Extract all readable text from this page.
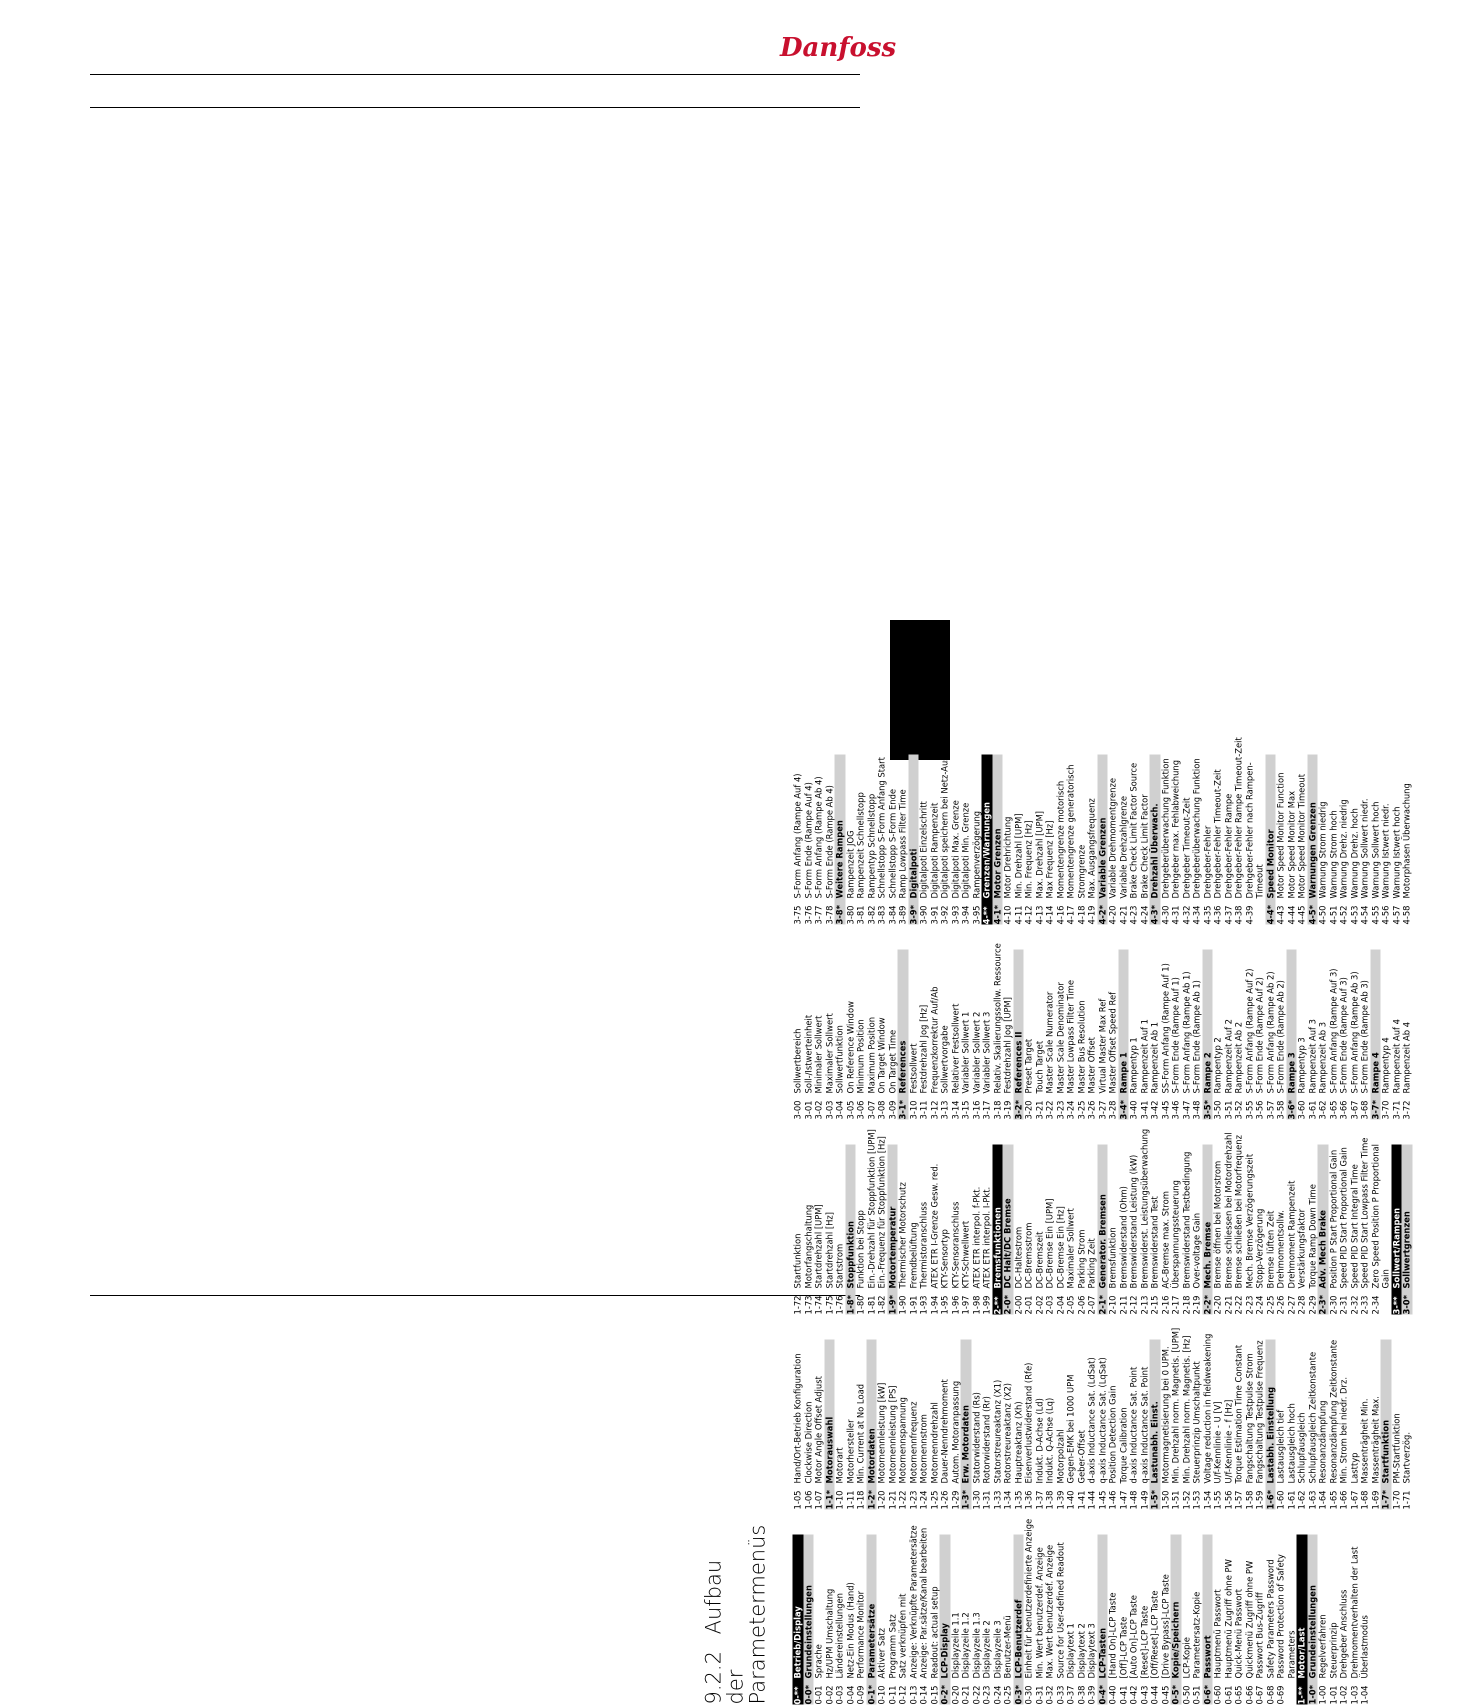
Danfoss
9.2.2 Aufbau der Parametermenüs	0-**
Betrieb/Display
0-0*
Grundeinstellungen
0-01
Sprache
0-02
Hz/UPM Umschaltung
0-03
Ländereinstellungen
0-04
Netz-Ein Modus (Hand)
0-09
Performance Monitor
0-1*
Parametersätze
0-10
Aktiver Satz
0-11
Programm Satz
0-12
Satz verknüpfen mit
0-13
Anzeige: Verknüpfte Parametersätze
0-14
Anzeige: Par.sätze/Kanal bearbeiten
0-15
Readout: actual setup
0-2*
LCP-Display
0-20
Displayzeile 1.1
0-21
Displayzeile 1.2
0-22
Displayzeile 1.3
0-23
Displayzeile 2
0-24
Displayzeile 3
0-25
Benutzer-Menü
0-3*
LCP-Benutzerdef
0-30
Einheit für benutzerdefinierte Anzeige
0-31
Min. Wert benutzerdef. Anzeige
0-32
Max. Wert benutzerdef. Anzeige
0-33
Source for User-defined Readout
0-37
Displaytext 1
0-38
Displaytext 2
0-39
Displaytext 3
0-4*
LCP-Tasten
0-40
[Hand On]-LCP Taste
0-41
[Off]-LCP Taste
0-42
[Auto On]-LCP Taste
0-43
[Reset]-LCP Taste
0-44
[Off/Reset]-LCP Taste
0-45
[Drive Bypass]-LCP Taste
0-5*
Kopie/Speichern
0-50
LCP-Kopie
0-51
Parametersatz-Kopie
0-6*
Passwort
0-60
Hauptmenü Passwort
0-61
Hauptmenü Zugriff ohne PW
0-65
Quick-Menü Passwort
0-66
Quickmenü Zugriff ohne PW
0-67
Passwort Bus-Zugriff
0-68
Safety Parameters Password
0-69
Password Protection of Safety Parameters
1-**
Motor/Last
1-0*
Grundeinstellungen
1-00
Regelverfahren
1-01
Steuerprinzip
1-02
Drehgeber Anschluss
1-03
Drehmomentverhalten der Last
1-04
Überlastmodus
1-05
Hand/Ort-Betrieb Konfiguration
1-06
Clockwise Direction
1-07
Motor Angle Offset Adjust
1-1*
Motorauswahl
1-10
Motorart
1-11
Motorhersteller
1-18
Min. Current at No Load
1-2*
Motordaten
1-20
Motornennleistung [kW]
1-21
Motornennleistung [PS]
1-22
Motornennspannung
1-23
Motornennfrequenz
1-24
Motornennstrom
1-25
Motornenndrehzahl
1-26
Dauer-Nenndrehmoment
1-29
Autom. Motoranpassung
1-3*
Erw. Motordaten
1-30
Statorwiderstand (Rs)
1-31
Rotorwiderstand (Rr)
1-33
Statorstreureaktanz (X1)
1-34
Rotorstreureaktanz (X2)
1-35
Hauptreaktanz (Xh)
1-36
Eisenverlustwiderstand (Rfe)
1-37
Indukt. D-Achse (Ld)
1-38
Indukt. Q-Achse (Lq)
1-39
Motorpolzahl
1-40
Gegen-EMK bei 1000 UPM
1-41
Geber-Offset
1-44
d-axis Inductance Sat. (LdSat)
1-45
q-axis Inductance Sat. (LqSat)
1-46
Position Detection Gain
1-47
Torque Calibration
1-48
d-axis Inductance Sat. Point
1-49
q-axis Inductance Sat. Point
1-5*
Lastunabh. Einst.
1-50
Motormagnetisierung bei 0 UPM.
1-51
Min. Drehzahl norm. Magnetis. [UPM]
1-52
Min. Drehzahl norm. Magnetis. [Hz]
1-53
Steuerprinzip Umschaltpunkt
1-54
Voltage reduction in fieldweakening
1-55
U/f-Kennlinie - U [V]
1-56
U/f-Kennlinie - f [Hz]
1-57
Torque Estimation Time Constant
1-58
Fangschaltung Testpulse Strom
1-59
Fangschaltung Testpulse Frequenz
1-6*
Lastabh. Einstellung
1-60
Lastausgleich tief
1-61
Lastausgleich hoch
1-62
Schlupfausgleich
1-63
Schlupfausgleich Zeitkonstante
1-64
Resonanzdämpfung
1-65
Resonanzdämpfung Zeitkonstante
1-66
Min. Strom bei niedr. Drz.
1-67
Lasttyp
1-68
Massenträgheit Min.
1-69
Massenträgheit Max.
1-7*
Startfunktion
1-70
PM-Startfunktion
1-71
Startverzög.
1-72
Startfunktion
1-73
Motorfangschaltung
1-74
Startdrehzahl [UPM]
1-75
Startdrehzahl [Hz]
1-76
Startstrom
1-8*
Stoppfunktion
1-80
Funktion bei Stopp
1-81
Ein.-Drehzahl für Stoppfunktion [UPM]
1-82
Ein.-Frequenz für Stoppfunktion [Hz]
1-9*
Motortemperatur
1-90
Thermischer Motorschutz
1-91
Fremdbelüftung
1-93
Thermistoranschluss
1-94
ATEX ETR I-Grenze Gesw. red.
1-95
KTY-Sensortyp
1-96
KTY-Sensoranschluss
1-97
KTY-Schwellwert
1-98
ATEX ETR interpol. f-Pkt.
1-99
ATEX ETR interpol. I-Pkt.
2-**
Bremsfunktionen
2-0*
DC Halt/DC Bremse
2-00
DC-Haltestrom
2-01
DC-Bremsstrom
2-02
DC-Bremszeit
2-03
DC-Bremse Ein [UPM]
2-04
DC-Bremse Ein [Hz]
2-05
Maximaler Sollwert
2-06
Parking Strom
2-07
Parking Zeit
2-1*
Generator. Bremsen
2-10
Bremsfunktion
2-11
Bremswiderstand (Ohm)
2-12
Bremswiderstand Leistung (kW)
2-13
Bremswiderst. Leistungsüberwachung
2-15
Bremswiderstand Test
2-16
AC-Bremse max. Strom
2-17
Überspannungssteuerung
2-18
Bremswiderstand Testbedingung
2-19
Over-voltage Gain
2-2*
Mech. Bremse
2-20
Bremse öffnen bei Motorstrom
2-21
Bremse schliessen bei Motordrehzahl
2-22
Bremse schließen bei Motorfrequenz
2-23
Mech. Bremse Verzögerungszeit
2-24
Stopp-Verzögerung
2-25
Bremse lüften Zeit
2-26
Drehmomentsollw.
2-27
Drehmoment Rampenzeit
2-28
Verstärkungsfaktor
2-29
Torque Ramp Down Time
2-3*
Adv. Mech Brake
2-30
Position P Start Proportional Gain
2-31
Speed PID Start Proportional Gain
2-32
Speed PID Start Integral Time
2-33
Speed PID Start Lowpass Filter Time
2-34
Zero Speed Position P Proportional Gain
3-**
Sollwert/Rampen
3-0*
Sollwertgrenzen
3-00
Sollwertbereich
3-01
Soll-/Istwerteinheit
3-02
Minimaler Sollwert
3-03
Maximaler Sollwert
3-04
Sollwertfunktion
3-05
On Reference Window
3-06
Minimum Position
3-07
Maximum Position
3-08
On Target Window
3-09
On Target Time
3-1*
References
3-10
Festsollwert
3-11
Festdrehzahl Jog [Hz]
3-12
Frequenzkorrektur Auf/Ab
3-13
Sollwertvorgabe
3-14
Relativer Festsollwert
3-15
Variabler Sollwert 1
3-16
Variabler Sollwert 2
3-17
Variabler Sollwert 3
3-18
Relativ. Skalierungssollw. Ressource
3-19
Festdrehzahl Jog [UPM]
3-2*
References II
3-20
Preset Target
3-21
Touch Target
3-22
Master Scale Numerator
3-23
Master Scale Denominator
3-24
Master Lowpass Filter Time
3-25
Master Bus Resolution
3-26
Master Offset
3-27
Virtual Master Max Ref
3-28
Master Offset Speed Ref
3-4*
Rampe 1
3-40
Rampentyp 1
3-41
Rampenzeit Auf 1
3-42
Rampenzeit Ab 1
3-45
SS-Form Anfang (Rampe Auf 1)
3-46
S-Form Ende (Rampe Auf 1)
3-47
S-Form Anfang (Rampe Ab 1)
3-48
S-Form Ende (Rampe Ab 1)
3-5*
Rampe 2
3-50
Rampentyp 2
3-51
Rampenzeit Auf 2
3-52
Rampenzeit Ab 2
3-55
S-Form Anfang (Rampe Auf 2)
3-56
S-Form Ende (Rampe Auf 2)
3-57
S-Form Anfang (Rampe Ab 2)
3-58
S-Form Ende (Rampe Ab 2)
3-6*
Rampe 3
3-60
Rampentyp 3
3-61
Rampenzeit Auf 3
3-62
Rampenzeit Ab 3
3-65
S-Form Anfang (Rampe Auf 3)
3-66
S-Form Ende (Rampe Auf 3)
3-67
S-Form Anfang (Rampe Ab 3)
3-68
S-Form Ende (Rampe Ab 3)
3-7*
Rampe 4
3-70
Rampentyp 4
3-71
Rampenzeit Auf 4
3-72
Rampenzeit Ab 4
3-75
S-Form Anfang (Rampe Auf 4)
3-76
S-Form Ende (Rampe Auf 4)
3-77
S-Form Anfang (Rampe Ab 4)
3-78
S-Form Ende (Rampe Ab 4)
3-8*
Weitere Rampen
3-80
Rampenzeit JOG
3-81
Rampenzeit Schnellstopp
3-82
Rampentyp Schnellstopp
3-83
Schnellstopp S-Form Anfang Start
3-84
Schnellstopp S-Form Ende
3-89
Ramp Lowpass Filter Time
3-9*
Digitalpoti
3-90
Digitalpoti Einzelschritt
3-91
Digitalpoti Rampenzeit
3-92
Digitalpoti speichern bei Netz-Aus
3-93
Digitalpoti Max. Grenze
3-94
Digitalpoti Min. Grenze
3-95
Rampenverzögerung
4-**
Grenzen/Warnungen
4-1*
Motor Grenzen
4-10
Motor Drehrichtung
4-11
Min. Drehzahl [UPM]
4-12
Min. Frequenz [Hz]
4-13
Max. Drehzahl [UPM]
4-14
Max Frequenz [Hz]
4-16
Momentengrenze motorisch
4-17
Momentengrenze generatorisch
4-18
Stromgrenze
4-19
Max. Ausgangsfrequenz
4-2*
Variable Grenzen
4-20
Variable Drehmomentgrenze
4-21
Variable Drehzahlgrenze
4-23
Brake Check Limit Factor Source
4-24
Brake Check Limit Factor
4-3*
Drehzahl Überwach.
4-30
Drehgeberüberwachung Funktion
4-31
Drehgeber max. Fehlabweichung
4-32
Drehgeber Timeout-Zeit
4-34
Drehgeberüberwachung Funktion
4-35
Drehgeber-Fehler
4-36
Drehgeber-Fehler Timeout-Zeit
4-37
Drehgeber-Fehler Rampe
4-38
Drehgeber-Fehler Rampe Timeout-Zeit
4-39
Drehgeber-Fehler nach Rampen- Timeout
4-4*
Speed Monitor
4-43
Motor Speed Monitor Function
4-44
Motor Speed Monitor Max
4-45
Motor Speed Monitor Timeout
4-5*
Warnungen Grenzen
4-50
Warnung Strom niedrig
4-51
Warnung Strom hoch
4-52
Warnung Drehz. niedrig
4-53
Warnung Drehz. hoch
4-54
Warnung Sollwert niedr.
4-55
Warnung Sollwert hoch
4-56
Warnung Istwert niedr.
4-57
Warnung Istwert hoch
4-58
Motorphasen Überwachung
